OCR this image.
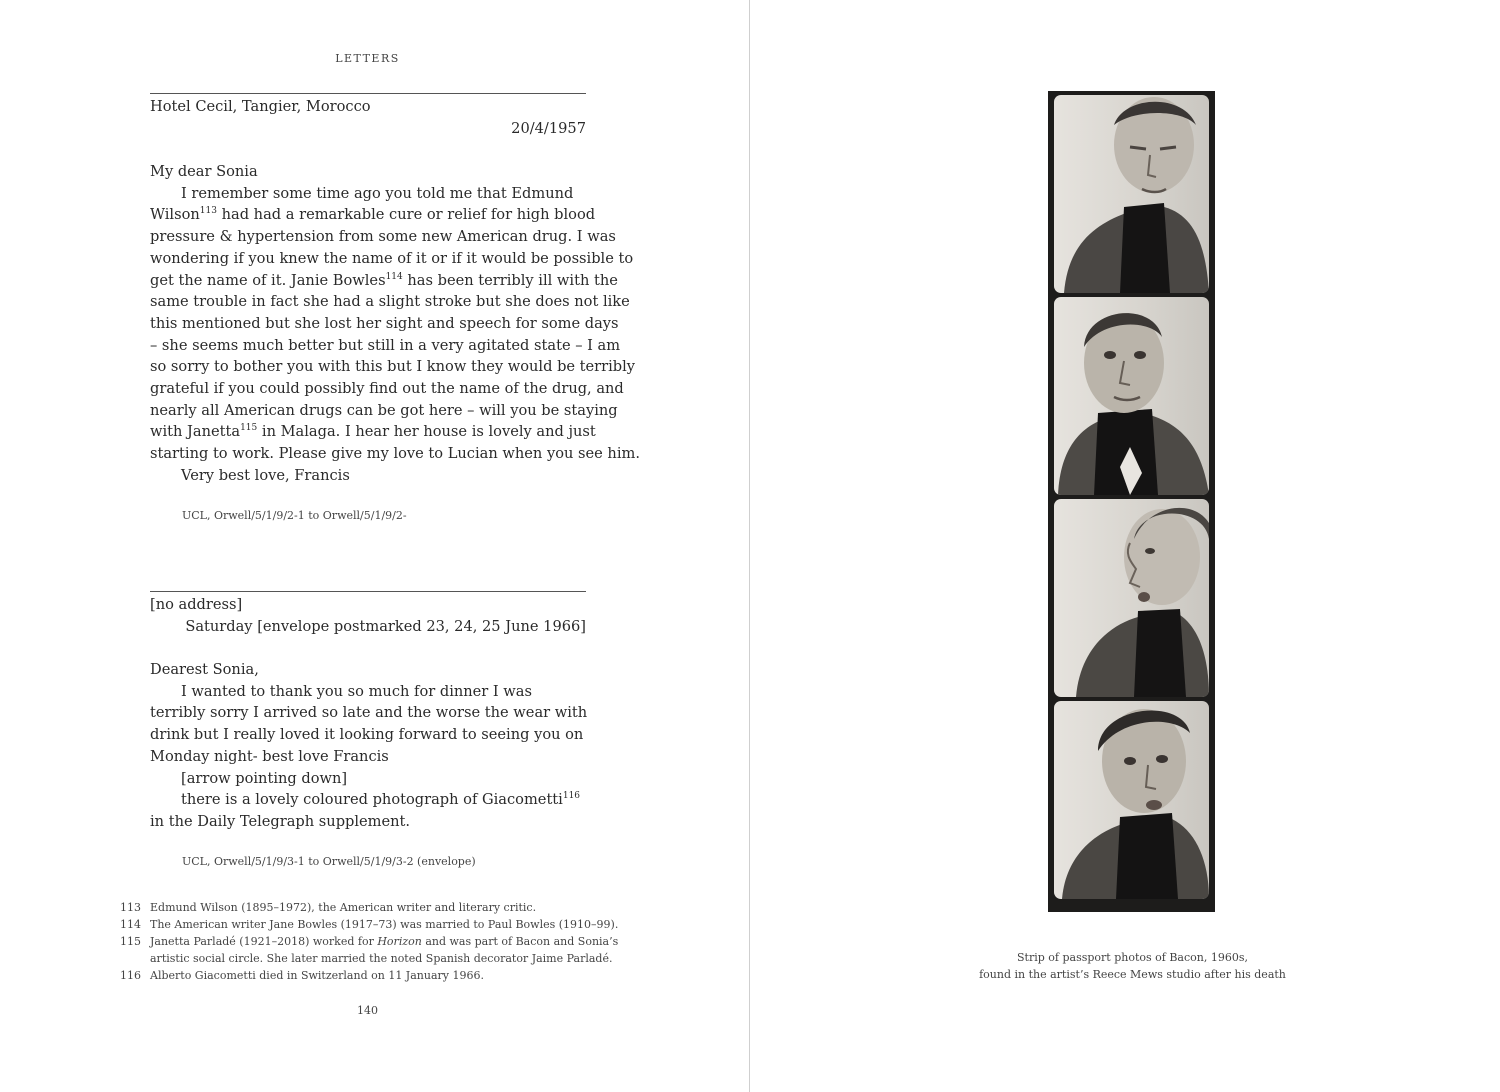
LETTERS
Hotel Cecil, Tangier, Morocco
20/4/1957
My dear Sonia
I remember some time ago you told me that Edmund
Wilson$^{113}$ had had a remarkable cure or relief for high blood
pressure & hypertension from some new American drug. I was
wondering if you knew the name of it or if it would be possible to
get the name of it. Janie Bowles$^{114}$ has been terribly ill with the
same trouble in fact she had a slight stroke but she does not like
this mentioned but she lost her sight and speech for some days
– she seems much better but still in a very agitated state – I am
so sorry to bother you with this but I know they would be terribly
grateful if you could possibly find out the name of the drug, and
nearly all American drugs can be got here – will you be staying
with Janetta$^{115}$ in Malaga. I hear her house is lovely and just
starting to work. Please give my love to Lucian when you see him.
Very best love, Francis
UCL, Orwell/5/1/9/2-1 to Orwell/5/1/9/2-
[no address]
Saturday [envelope postmarked 23, 24, 25 June 1966]
Dearest Sonia,
I wanted to thank you so much for dinner I was
terribly sorry I arrived so late and the worse the wear with
drink but I really loved it looking forward to seeing you on
Monday night- best love Francis
[arrow pointing down]
there is a lovely coloured photograph of Giacometti$^{116}$
in the Daily Telegraph supplement.
UCL, Orwell/5/1/9/3-1 to Orwell/5/1/9/3-2 (envelope)
113 Edmund Wilson (1895–1972), the American writer and literary critic.
114 The American writer Jane Bowles (1917–73) was married to Paul Bowles (1910–99).
115 Janetta Parladé (1921–2018) worked for Horizon and was part of Bacon and Sonia’s
artistic social circle. She later married the noted Spanish decorator Jaime Parladé.
116 Alberto Giacometti died in Switzerland on 11 January 1966.
140
Strip of passport photos of Bacon, 1960s,
found in the artist’s Reece Mews studio after his death
